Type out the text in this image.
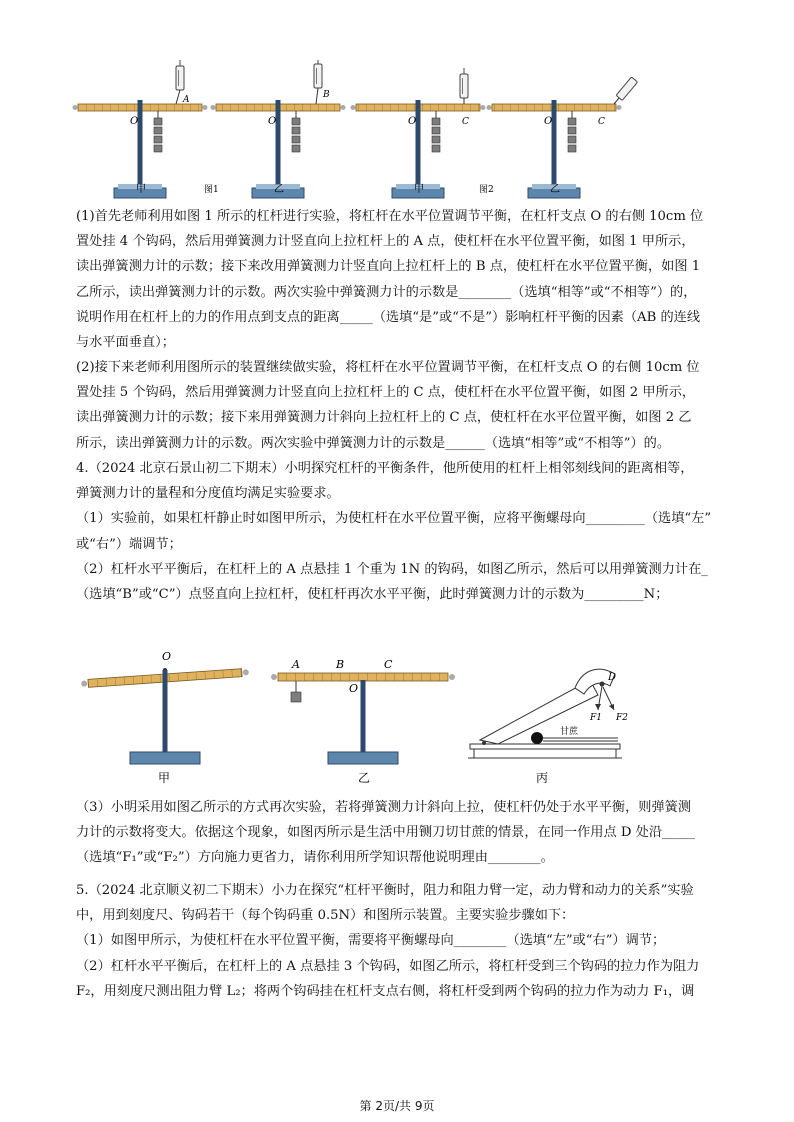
O
A
甲
O
B
乙
图1
O	C
甲
O	C
乙
图2
(1)首先老师利用如图 1 所示的杠杆进行实验，将杠杆在水平位置调节平衡，在杠杆支点 O 的右侧 10cm 位
置处挂 4 个钩码，然后用弹簧测力计竖直向上拉杠杆上的 A 点，使杠杆在水平位置平衡，如图 1 甲所示，
读出弹簧测力计的示数；接下来改用弹簧测力计竖直向上拉杠杆上的 B 点，使杠杆在水平位置平衡，如图 1
乙所示，读出弹簧测力计的示数。两次实验中弹簧测力计的示数是________（选填“相等”或“不相等”）的，
说明作用在杠杆上的力的作用点到支点的距离_____（选填“是”或“不是”）影响杠杆平衡的因素（AB 的连线
与水平面垂直）；
(2)接下来老师利用图所示的装置继续做实验，将杠杆在水平位置调节平衡，在杠杆支点 O 的右侧 10cm 位
置处挂 5 个钩码，然后用弹簧测力计竖直向上拉杠杆上的 C 点，使杠杆在水平位置平衡，如图 2 甲所示，
读出弹簧测力计的示数；接下来用弹簧测力计斜向上拉杠杆上的 C 点，使杠杆在水平位置平衡，如图 2 乙
所示，读出弹簧测力计的示数。两次实验中弹簧测力计的示数是______（选填“相等”或“不相等”）的。
4.（2024 北京石景山初二下期末）小明探究杠杆的平衡条件，他所使用的杠杆上相邻刻线间的距离相等，
弹簧测力计的量程和分度值均满足实验要求。
（1）实验前，如果杠杆静止时如图甲所示，为使杠杆在水平位置平衡，应将平衡螺母向_________（选填“左”
或“右”）端调节；
（2）杠杆水平平衡后，在杠杆上的 A 点悬挂 1 个重为 1N 的钩码，如图乙所示，然后可以用弹簧测力计在_
（选填“B”或“C”）点竖直向上拉杠杆，使杠杆再次水平平衡，此时弹簧测力计的示数为_________N；
O
甲
A	B	C
O
乙
D
F1 F2
甘蔗
丙
（3）小明采用如图乙所示的方式再次实验，若将弹簧测力计斜向上拉，使杠杆仍处于水平平衡，则弹簧测
力计的示数将变大。依据这个现象，如图丙所示是生活中用铡刀切甘蔗的情景，在同一作用点 D 处沿_____
（选填“F₁”或“F₂”）方向施力更省力，请你利用所学知识帮他说明理由________。
5.（2024 北京顺义初二下期末）小力在探究“杠杆平衡时，阻力和阻力臂一定，动力臂和动力的关系”实验
中，用到刻度尺、钩码若干（每个钩码重 0.5N）和图所示装置。主要实验步骤如下：
（1）如图甲所示，为使杠杆在水平位置平衡，需要将平衡螺母向________（选填“左”或“右”）调节；
（2）杠杆水平平衡后，在杠杆上的 A 点悬挂 3 个钩码，如图乙所示，将杠杆受到三个钩码的拉力作为阻力
F₂，用刻度尺测出阻力臂 L₂；将两个钩码挂在杠杆支点右侧，将杠杆受到两个钩码的拉力作为动力 F₁，调
第 2页/共 9页
